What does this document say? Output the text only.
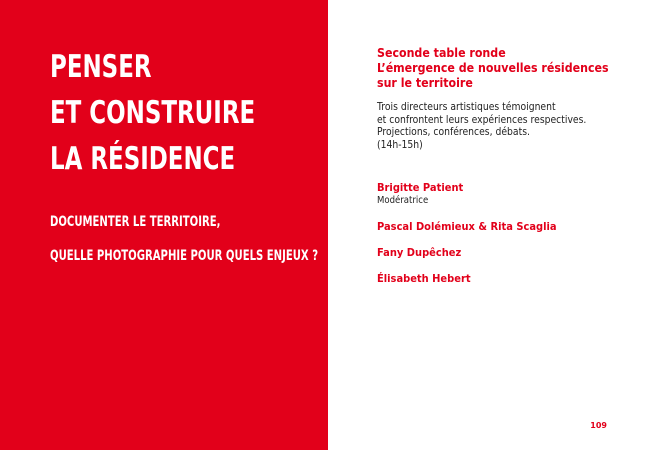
PENSER
ET CONSTRUIRE
LA RÉSIDENCE
DOCUMENTER LE TERRITOIRE,
QUELLE PHOTOGRAPHIE POUR QUELS ENJEUX ?
Seconde table ronde
L’émergence de nouvelles résidences
sur le territoire
Trois directeurs artistiques témoignent
et confrontent leurs expériences respectives.
Projections, conférences, débats.
(14h-15h)
Brigitte Patient
Modératrice
Pascal Dolémieux & Rita Scaglia
Fany Dupêchez
Élisabeth Hebert
109
